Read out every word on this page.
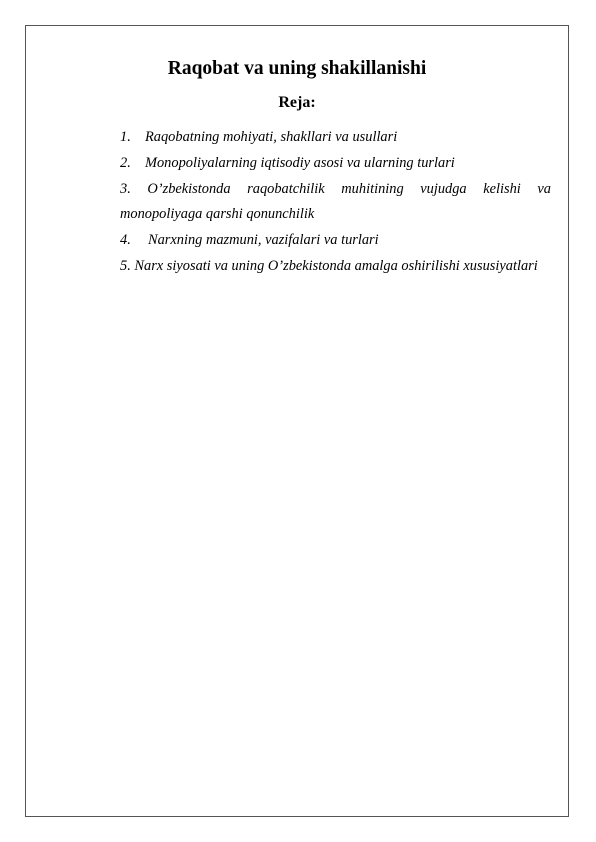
Raqobat va uning shakillanishi
Reja:
1. Raqobatning mohiyati, shakllari va usullari
2. Monopoliyalarning iqtisodiy asosi va ularning turlari
3. O’zbekistonda raqobatchilik muhitining vujudga kelishi va monopoliyaga qarshi qonunchilik
4. Narxning mazmuni, vazifalari va turlari
5. Narx siyosati va uning O’zbekistonda amalga oshirilishi xususiyatlari
